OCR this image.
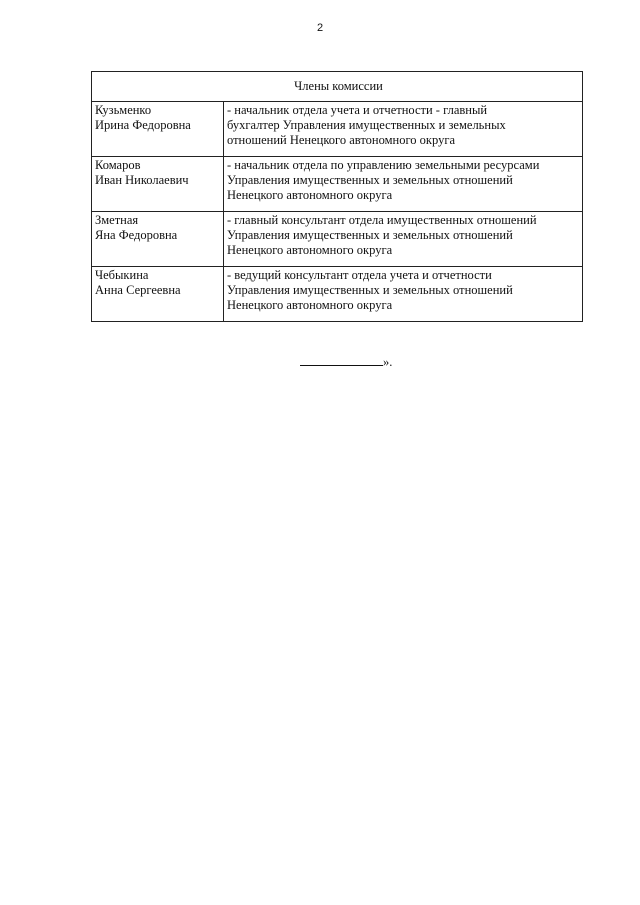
2
Члены комиссии	

Кузьменко
Ирина Федоровна	- начальник отдела учета и отчетности - главный
бухгалтер Управления имущественных и земельных
отношений Ненецкого автономного округа

Комаров
Иван Николаевич	- начальник отдела по управлению земельными ресурсами
Управления имущественных и земельных отношений
Ненецкого автономного округа

Зметная
Яна Федоровна	- главный консультант отдела имущественных отношений
Управления имущественных и земельных отношений
Ненецкого автономного округа

Чебыкина
Анна Сергеевна	- ведущий консультант отдела учета и отчетности
Управления имущественных и земельных отношений
Ненецкого автономного округа
».
